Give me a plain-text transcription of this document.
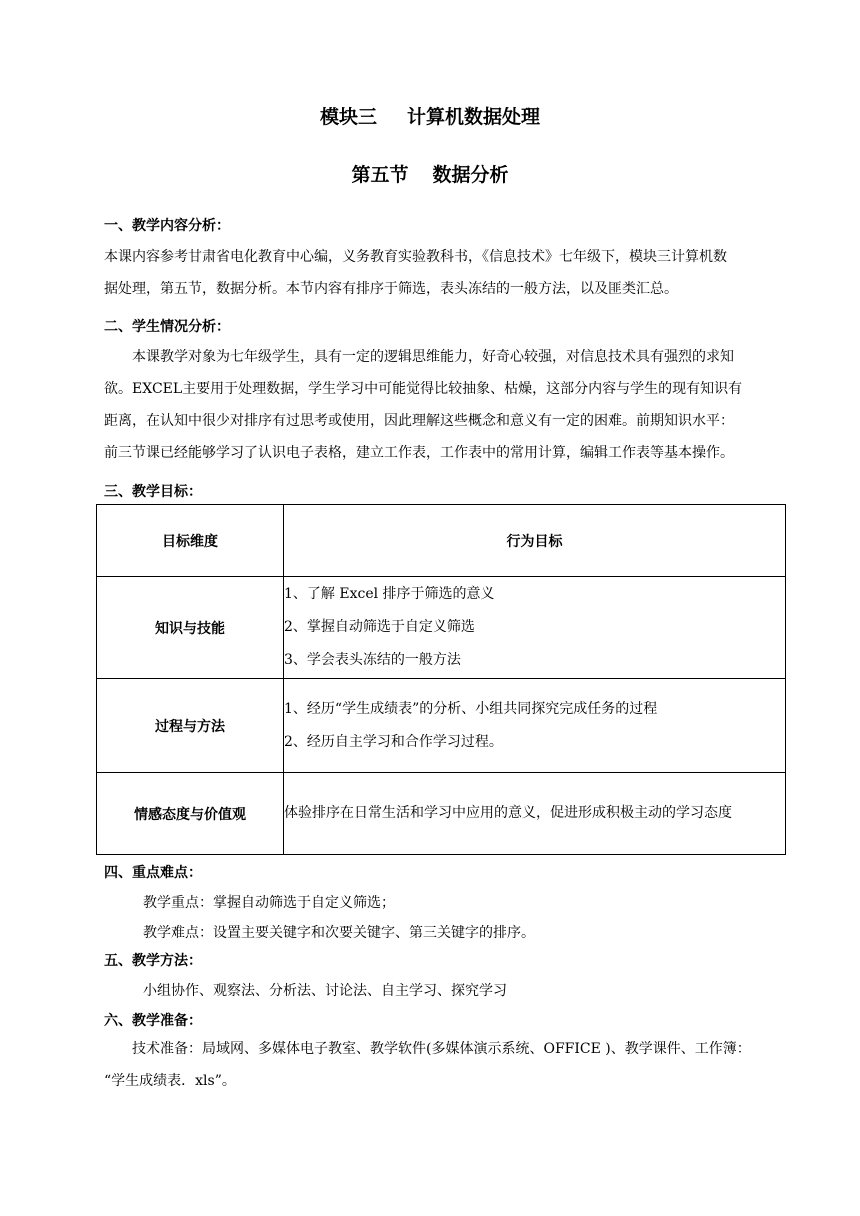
模块三 计算机数据处理
第五节 数据分析
一、教学内容分析：
本课内容参考甘肃省电化教育中心编，义务教育实验教科书，《信息技术》七年级下，模块三计算机数
据处理，第五节，数据分析。本节内容有排序于筛选，表头冻结的一般方法，以及匪类汇总。
二、学生情况分析：
本课教学对象为七年级学生，具有一定的逻辑思维能力，好奇心较强，对信息技术具有强烈的求知
欲。EXCEL主要用于处理数据，学生学习中可能觉得比较抽象、枯燥，这部分内容与学生的现有知识有
距离，在认知中很少对排序有过思考或使用，因此理解这些概念和意义有一定的困难。前期知识水平：
前三节课已经能够学习了认识电子表格，建立工作表，工作表中的常用计算，编辑工作表等基本操作。
三、教学目标：
目标维度	行为目标
知识与技能	1、了解 Excel 排序于筛选的意义
2、掌握自动筛选于自定义筛选
3、学会表头冻结的一般方法

过程与方法	1、经历“学生成绩表”的分析、小组共同探究完成任务的过程
2、经历自主学习和合作学习过程。

情感态度与价值观	体验排序在日常生活和学习中应用的意义，促进形成积极主动的学习态度
四、重点难点：
教学重点：掌握自动筛选于自定义筛选；
教学难点：设置主要关键字和次要关键字、第三关键字的排序。
五、教学方法：
小组协作、观察法、分析法、讨论法、自主学习、探究学习
六、教学准备：
技术准备：局域网、多媒体电子教室、教学软件(多媒体演示系统、OFFICE )、教学课件、工作簿：
“学生成绩表．xls”。
